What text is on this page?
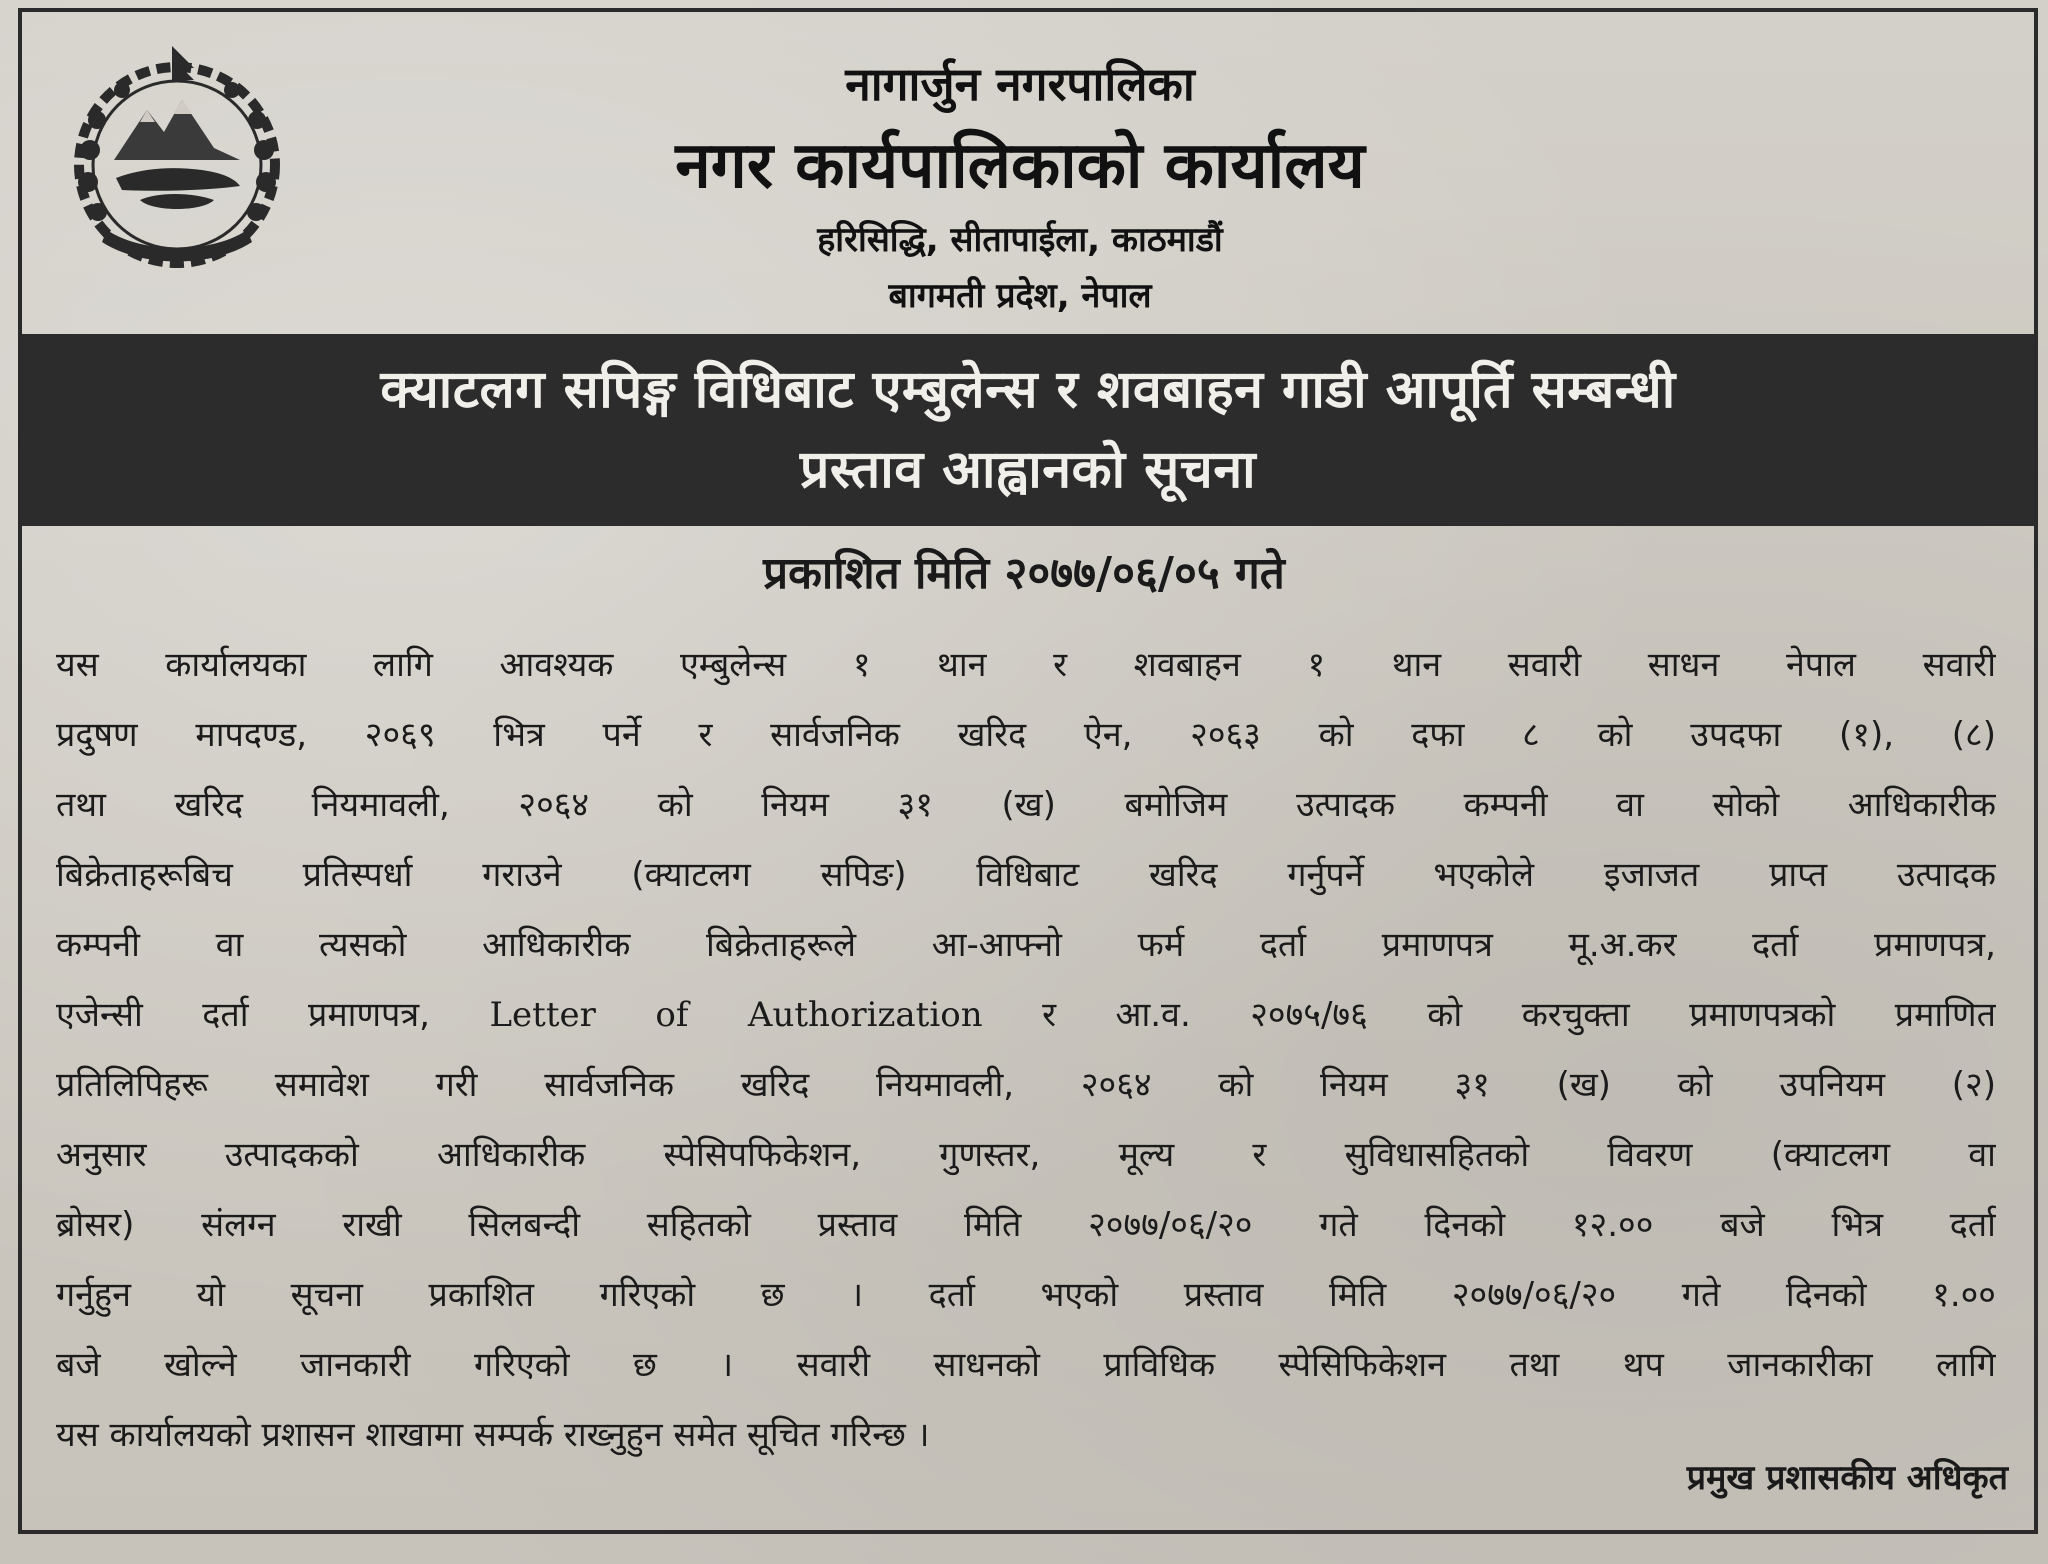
नागार्जुन नगरपालिका
नगर कार्यपालिकाको कार्यालय
हरिसिद्धि, सीतापाईला, काठमाडौं
बागमती प्रदेश, नेपाल
क्याटलग सपिङ्ग विधिबाट एम्बुलेन्स र शवबाहन गाडी आपूर्ति सम्बन्धी
प्रस्ताव आह्वानको सूचना
प्रकाशित मिति २०७७/०६/०५ गते
यस कार्यालयका लागि आवश्यक एम्बुलेन्स १ थान र शवबाहन १ थान सवारी साधन नेपाल सवारी
प्रदुषण मापदण्ड, २०६९ भित्र पर्ने र सार्वजनिक खरिद ऐन, २०६३ को दफा ८ को उपदफा (१), (८)
तथा खरिद नियमावली, २०६४ को नियम ३१ (ख) बमोजिम उत्पादक कम्पनी वा सोको आधिकारीक
बिक्रेताहरूबिच प्रतिस्पर्धा गराउने (क्याटलग सपिङ) विधिबाट खरिद गर्नुपर्ने भएकोले इजाजत प्राप्त उत्पादक
कम्पनी वा त्यसको आधिकारीक बिक्रेताहरूले आ-आफ्नो फर्म दर्ता प्रमाणपत्र मू.अ.कर दर्ता प्रमाणपत्र,
एजेन्सी दर्ता प्रमाणपत्र, Letter of Authorization र आ.व. २०७५/७६ को करचुक्ता प्रमाणपत्रको प्रमाणित
प्रतिलिपिहरू समावेश गरी सार्वजनिक खरिद नियमावली, २०६४ को नियम ३१ (ख) को उपनियम (२)
अनुसार उत्पादकको आधिकारीक स्पेसिपफिकेशन, गुणस्तर, मूल्य र सुविधासहितको विवरण (क्याटलग वा
ब्रोसर) संलग्न राखी सिलबन्दी सहितको प्रस्ताव मिति २०७७/०६/२० गते दिनको १२.०० बजे भित्र दर्ता
गर्नुहुन यो सूचना प्रकाशित गरिएको छ । दर्ता भएको प्रस्ताव मिति २०७७/०६/२० गते दिनको १.००
बजे खोल्ने जानकारी गरिएको छ । सवारी साधनको प्राविधिक स्पेसिफिकेशन तथा थप जानकारीका लागि
यस कार्यालयको प्रशासन शाखामा सम्पर्क राख्नुहुन समेत सूचित गरिन्छ ।
प्रमुख प्रशासकीय अधिकृत
